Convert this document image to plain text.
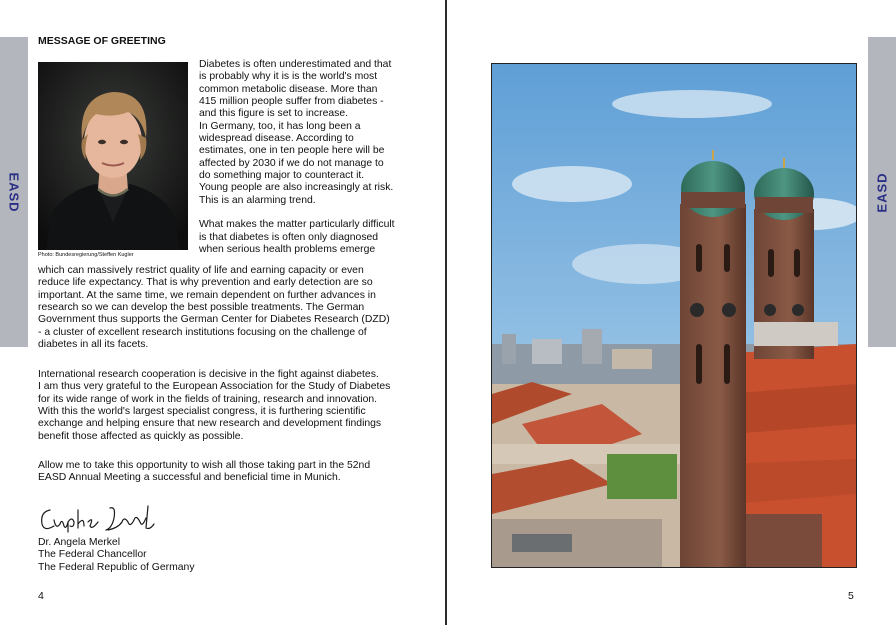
EASD
MESSAGE OF GREETING
Photo: Bundesregierung/Steffen Kugler

Diabetes is often underestimated and that

is probably why it is is the world's most

common metabolic disease. More than

415 million people suffer from diabetes -

and this figure is set to increase.

In Germany, too, it has long been a

widespread disease. According to

estimates, one in ten people here will be

affected by 2030 if we do not manage to

do something major to counteract it.

Young people are also increasingly at risk.

This is an alarming trend.

What makes the matter particularly difficult

is that diabetes is often only diagnosed

when serious health problems emerge

which can massively restrict quality of life and earning capacity or even

reduce life expectancy. That is why prevention and early detection are so

important. At the same time, we remain dependent on further advances in

research so we can develop the best possible treatments. The German

Government thus supports the German Center for Diabetes Research (DZD)

- a cluster of excellent research institutions focusing on the challenge of

diabetes in all its facets.

International research cooperation is decisive in the fight against diabetes.

I am thus very grateful to the European Association for the Study of Diabetes

for its wide range of work in the fields of training, research and innovation.

With this the world's largest specialist congress, it is furthering scientific

exchange and helping ensure that new research and development findings

benefit those affected as quickly as possible.

Allow me to take this opportunity to wish all those taking part in the 52nd

EASD Annual Meeting a successful and beneficial time in Munich.

Dr. Angela Merkel

The Federal Chancellor

The Federal Republic of Germany

4	5
EASD
